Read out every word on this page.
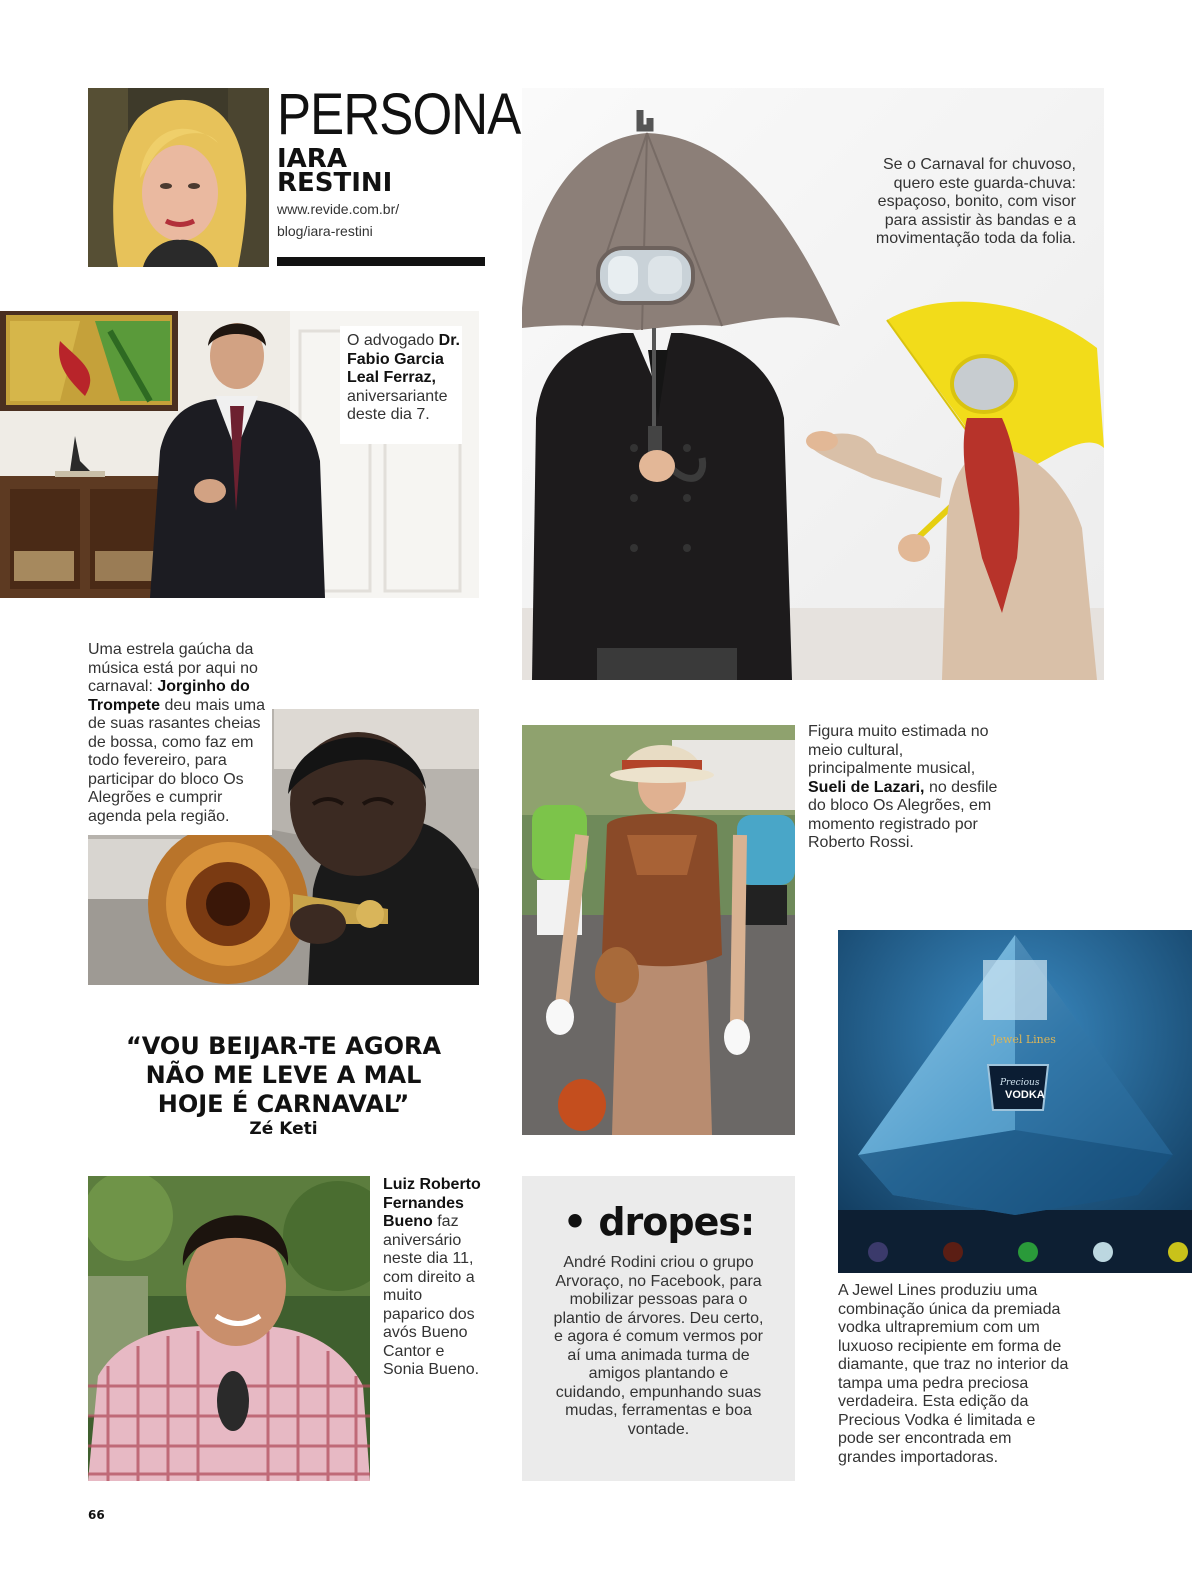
PERSONA
IARA
RESTINI
www.revide.com.br/
blog/iara-restini
Se o Carnaval for chuvoso, quero este guarda-chuva: espaçoso, bonito, com visor para assistir às bandas e a movimentação toda da folia.
O advogado Dr. Fabio Garcia Leal Ferraz, aniversariante deste dia 7.
Uma estrela gaúcha da música está por aqui no carnaval: Jorginho do Trompete deu mais uma de suas rasantes cheias de bossa, como faz em todo fevereiro, para participar do bloco Os Alegrões e cumprir agenda pela região.
Figura muito estimada no meio cultural, principalmente musical, Sueli de Lazari, no desfile do bloco Os Alegrões, em momento registrado por Roberto Rossi.
Jewel Lines
Precious
VODKA
A Jewel Lines produziu uma combinação única da premiada vodka ultrapremium com um luxuoso recipiente em forma de diamante, que traz no interior da tampa uma pedra preciosa verdadeira. Esta edição da Precious Vodka é limitada e pode ser encontrada em grandes importadoras.
“VOU BEIJAR-TE AGORA
NÃO ME LEVE A MAL
HOJE É CARNAVAL”
Zé Keti
Luiz Roberto Fernandes Bueno faz aniversário neste dia 11, com direito a muito paparico dos avós Bueno Cantor e Sonia Bueno.
• dropes:
André Rodini criou o grupo Arvoraço, no Facebook, para mobilizar pessoas para o plantio de árvores. Deu certo, e agora é comum vermos por aí uma animada turma de amigos plantando e cuidando, empunhando suas mudas, ferramentas e boa vontade.
66
